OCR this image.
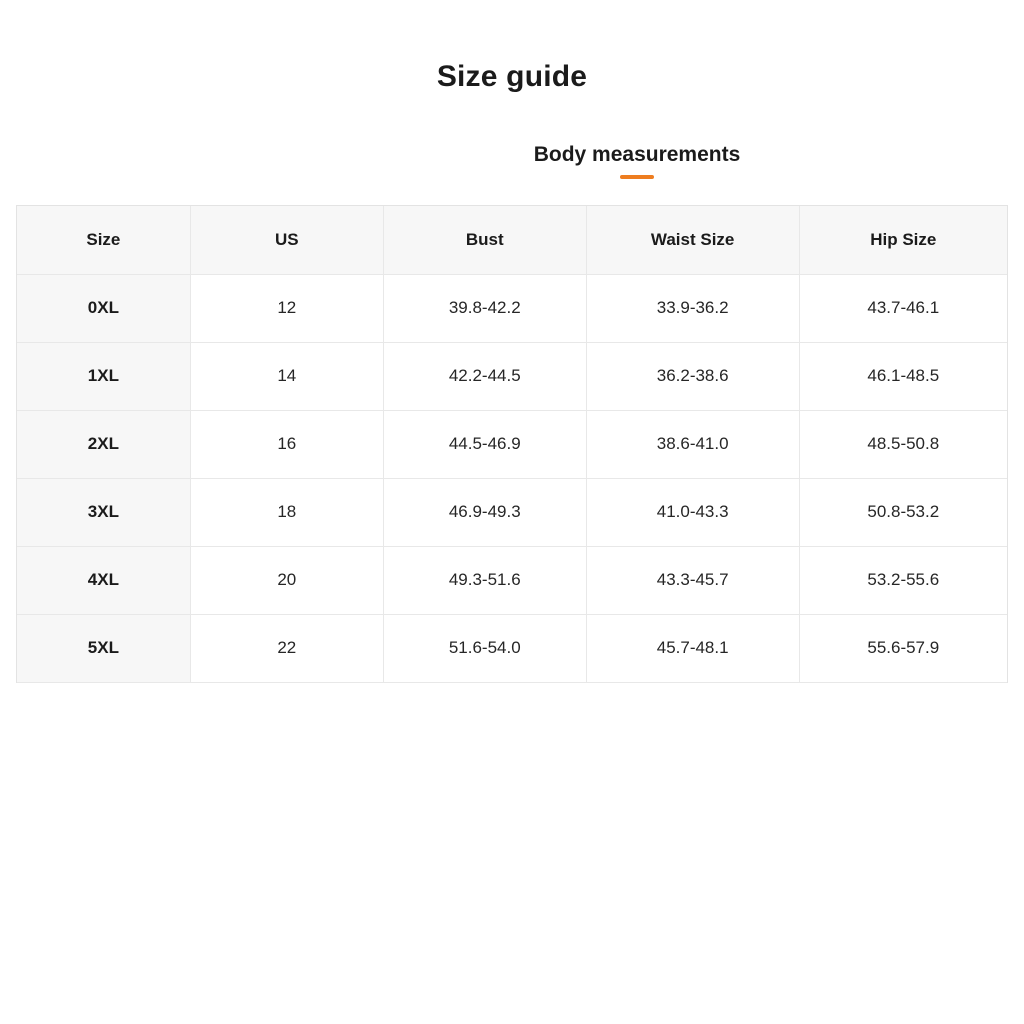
Size guide
Body measurements
Size	US	Bust	Waist Size	Hip Size
0XL	12	39.8-42.2	33.9-36.2	43.7-46.1
1XL	14	42.2-44.5	36.2-38.6	46.1-48.5
2XL	16	44.5-46.9	38.6-41.0	48.5-50.8
3XL	18	46.9-49.3	41.0-43.3	50.8-53.2
4XL	20	49.3-51.6	43.3-45.7	53.2-55.6
5XL	22	51.6-54.0	45.7-48.1	55.6-57.9
